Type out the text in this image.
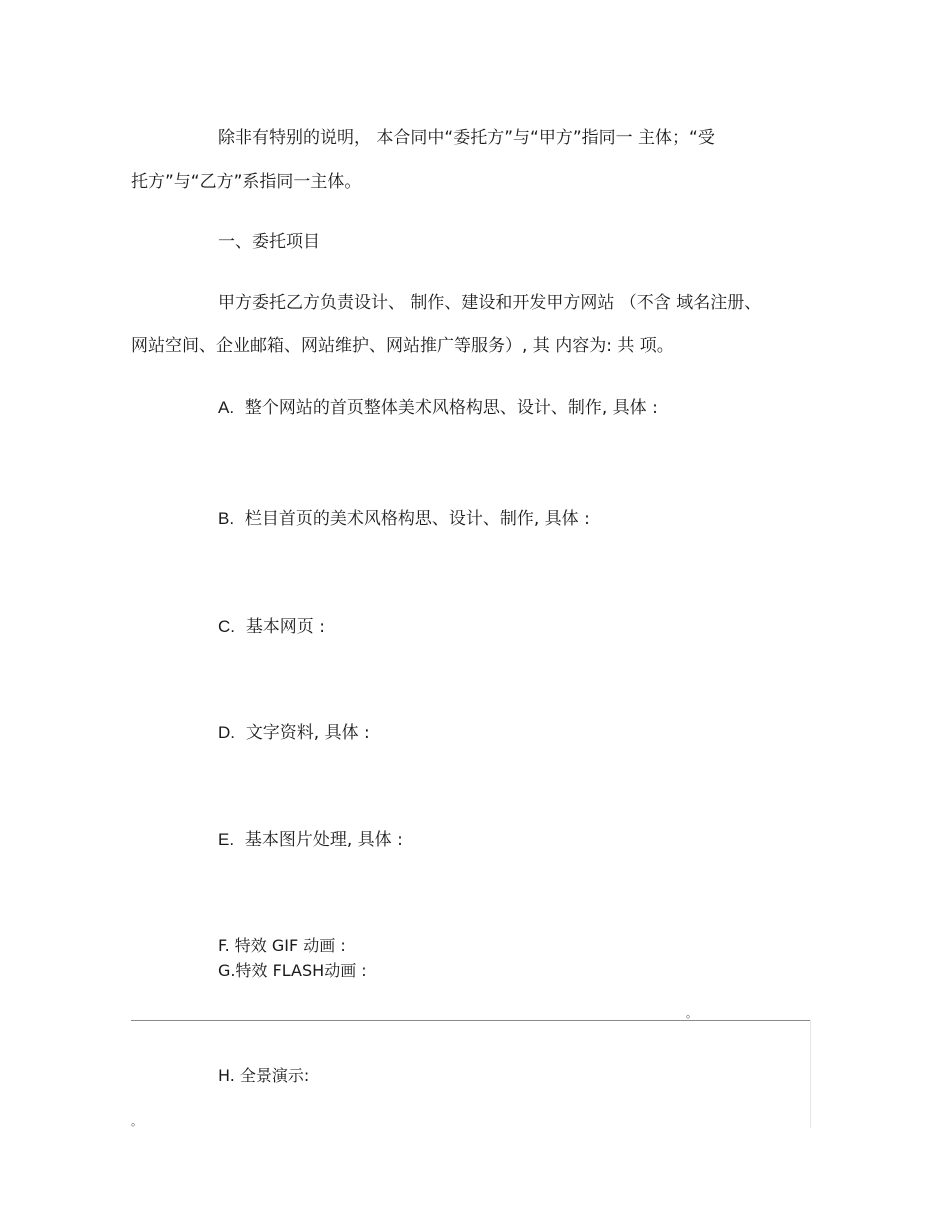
除非有特别的说明， 本合同中“委托方”与“甲方”指同一 主体；“受
托方”与“乙方”系指同一主体。
一、委托项目
甲方委托乙方负责设计、 制作、建设和开发甲方网站 （不含 域名注册、
网站空间、企业邮箱、网站维护、网站推广等服务）, 其 内容为: 共 项。
A. 整个网站的首页整体美术风格构思、设计、制作, 具体 :
B. 栏目首页的美术风格构思、设计、制作, 具体 :
C. 基本网页 :
D. 文字资料, 具体 :
E. 基本图片处理, 具体 :
F. 特效 GIF 动画 :
G.特效 FLASH动画 :
。
H. 全景演示:
。
